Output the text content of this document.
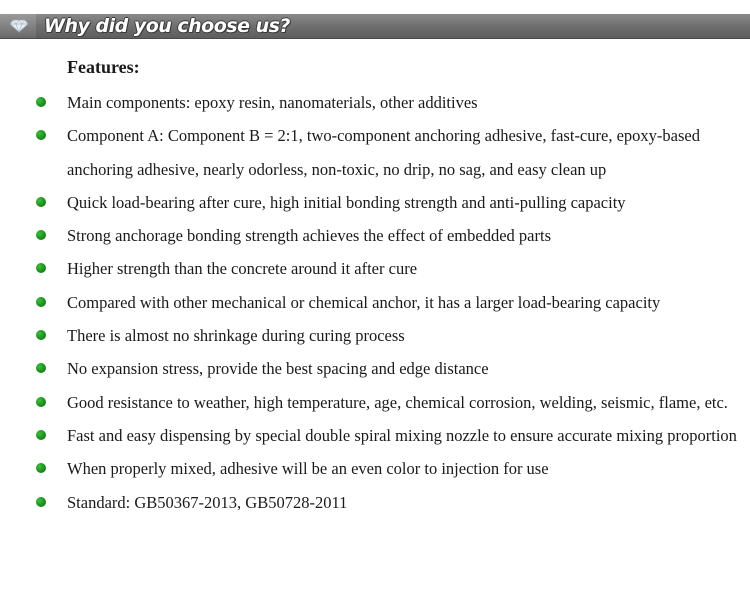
Why did you choose us?
Features:
Main components: epoxy resin, nanomaterials, other additives
Component A: Component B = 2:1, two-component anchoring adhesive, fast-cure, epoxy-based anchoring adhesive, nearly odorless, non-toxic, no drip, no sag, and easy clean up
Quick load-bearing after cure, high initial bonding strength and anti-pulling capacity
Strong anchorage bonding strength achieves the effect of embedded parts
Higher strength than the concrete around it after cure
Compared with other mechanical or chemical anchor, it has a larger load-bearing capacity
There is almost no shrinkage during curing process
No expansion stress, provide the best spacing and edge distance
Good resistance to weather, high temperature, age, chemical corrosion, welding, seismic, flame, etc.
Fast and easy dispensing by special double spiral mixing nozzle to ensure accurate mixing proportion
When properly mixed, adhesive will be an even color to injection for use
Standard: GB50367-2013, GB50728-2011
